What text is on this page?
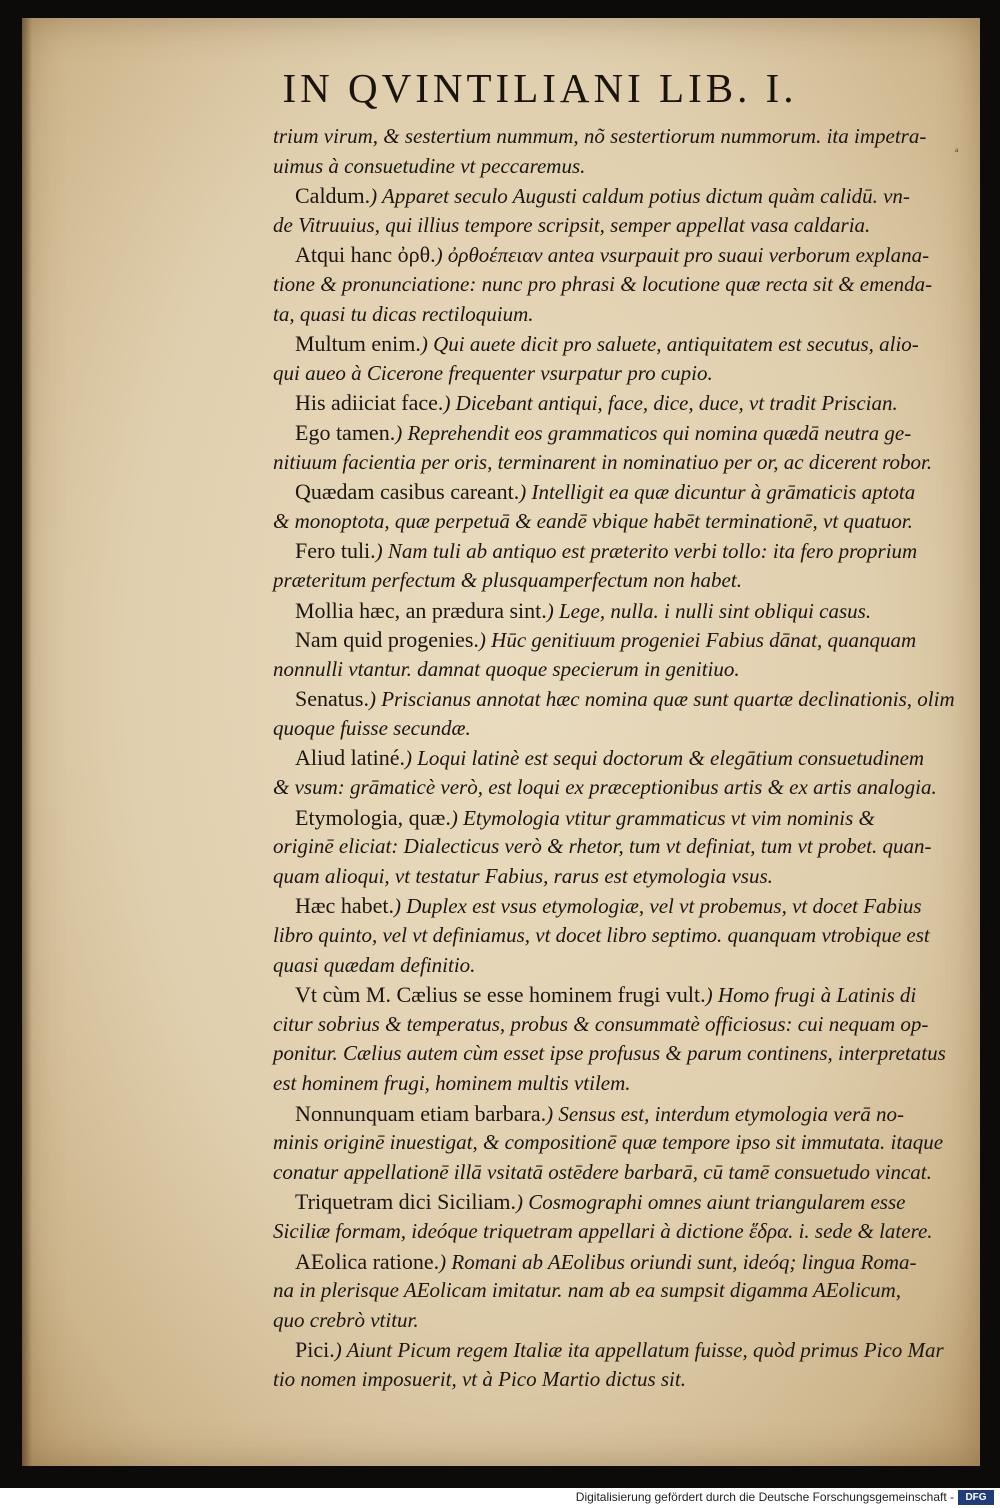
IN QVINTILIANI LIB. I.
ª
trium virum, & sestertium nummum, nõ sestertiorum nummorum. ita impetra-
uimus à consuetudine vt peccaremus.
Caldum.) Apparet seculo Augusti caldum potius dictum quàm calidū. vn-
de Vitruuius, qui illius tempore scripsit, semper appellat vasa caldaria.
Atqui hanc ὀρθ.) ὀρθοέπειαν antea vsurpauit pro suaui verborum explana-
tione & pronunciatione: nunc pro phrasi & locutione quæ recta sit & emenda-
ta, quasi tu dicas rectiloquium.
Multum enim.) Qui auete dicit pro saluete, antiquitatem est secutus, alio-
qui aueo à Cicerone frequenter vsurpatur pro cupio.
His adiiciat face.) Dicebant antiqui, face, dice, duce, vt tradit Priscian.
Ego tamen.) Reprehendit eos grammaticos qui nomina quædā neutra ge-
nitiuum facientia per oris, terminarent in nominatiuo per or, ac dicerent robor.
Quædam casibus careant.) Intelligit ea quæ dicuntur à grāmaticis aptota
& monoptota, quæ perpetuā & eandē vbique habēt terminationē, vt quatuor.
Fero tuli.) Nam tuli ab antiquo est præterito verbi tollo: ita fero proprium
præteritum perfectum & plusquamperfectum non habet.
Mollia hæc, an prædura sint.) Lege, nulla. i nulli sint obliqui casus.
Nam quid progenies.) Hūc genitiuum progeniei Fabius dānat, quanquam
nonnulli vtantur. damnat quoque specierum in genitiuo.
Senatus.) Priscianus annotat hæc nomina quæ sunt quartæ declinationis, olim
quoque fuisse secundæ.
Aliud latiné.) Loqui latinè est sequi doctorum & elegātium consuetudinem
& vsum: grāmaticè verò, est loqui ex præceptionibus artis & ex artis analogia.
Etymologia, quæ.) Etymologia vtitur grammaticus vt vim nominis &
originē eliciat: Dialecticus verò & rhetor, tum vt definiat, tum vt probet. quan-
quam alioqui, vt testatur Fabius, rarus est etymologia vsus.
Hæc habet.) Duplex est vsus etymologiæ, vel vt probemus, vt docet Fabius
libro quinto, vel vt definiamus, vt docet libro septimo. quanquam vtrobique est
quasi quædam definitio.
Vt cùm M. Cælius se esse hominem frugi vult.) Homo frugi à Latinis di
citur sobrius & temperatus, probus & consummatè officiosus: cui nequam op-
ponitur. Cælius autem cùm esset ipse profusus & parum continens, interpretatus
est hominem frugi, hominem multis vtilem.
Nonnunquam etiam barbara.) Sensus est, interdum etymologia verā no-
minis originē inuestigat, & compositionē quæ tempore ipso sit immutata. itaque
conatur appellationē illā vsitatā ostēdere barbarā, cū tamē consuetudo vincat.
Triquetram dici Siciliam.) Cosmographi omnes aiunt triangularem esse
Siciliæ formam, ideóque triquetram appellari à dictione ἕδρα. i. sede & latere.
AEolica ratione.) Romani ab AEolibus oriundi sunt, ideóq; lingua Roma-
na in plerisque AEolicam imitatur. nam ab ea sumpsit digamma AEolicum,
quo crebrò vtitur.
Pici.) Aiunt Picum regem Italiæ ita appellatum fuisse, quòd primus Pico Mar
tio nomen imposuerit, vt à Pico Martio dictus sit.
Digitalisierung gefördert durch die Deutsche Forschungsgemeinschaft -	DFG
